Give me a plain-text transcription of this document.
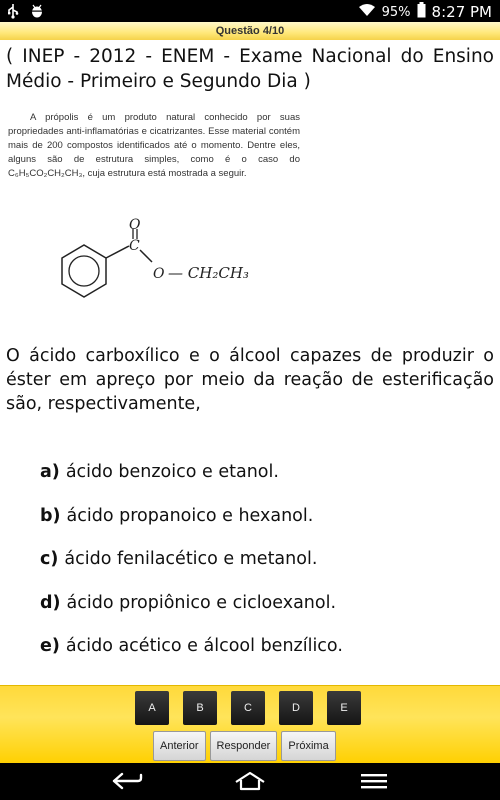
95% 8:27 PM
Questão 4/10
( INEP - 2012 - ENEM - Exame Nacional do Ensino Médio - Primeiro e Segundo Dia )
A própolis é um produto natural conhecido por suas propriedades anti-inflamatórias e cicatrizantes. Esse material contém mais de 200 compostos identificados até o momento. Dentre eles, alguns são de estrutura simples, como é o caso do C₆H₅CO₂CH₂CH₃, cuja estrutura está mostrada a seguir.
O
C
O — CH₂CH₃
O ácido carboxílico e o álcool capazes de produzir o éster em apreço por meio da reação de esterificação são, respectivamente,
a) ácido benzoico e etanol.
b) ácido propanoico e hexanol.
c) ácido fenilacético e metanol.
d) ácido propiônico e cicloexanol.
e) ácido acético e álcool benzílico.
A	B	C	D	E
Anterior	Responder	Próxima
